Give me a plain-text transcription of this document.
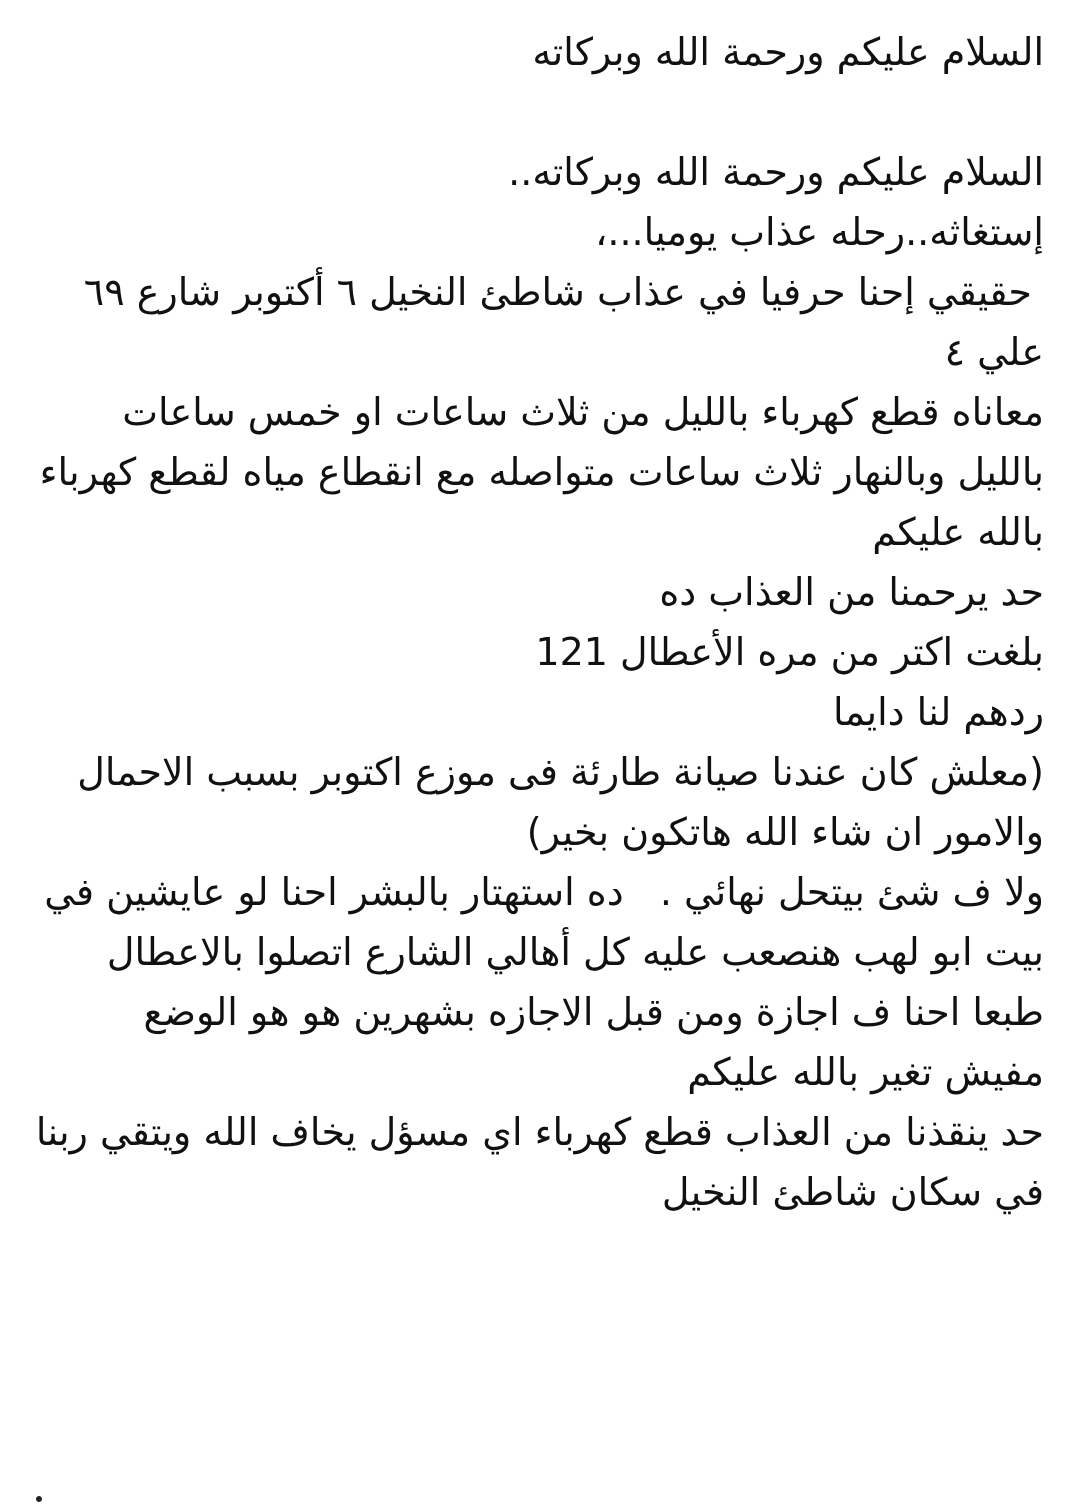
السلام عليكم ورحمة الله وبركاته
السلام عليكم ورحمة الله وبركاته..
إستغاثه..رحله عذاب يوميا...،
حقيقي إحنا حرفيا في عذاب شاطئ النخيل ٦ أكتوبر شارع ٦٩ علي ٤
معاناه قطع كهرباء بالليل من ثلاث ساعات او خمس ساعات بالليل وبالنهار ثلاث ساعات متواصله مع انقطاع مياه لقطع كهرباء بالله عليكم
حد يرحمنا من العذاب ده
بلغت اكتر من مره الأعطال 121
ردهم لنا دايما
(معلش كان عندنا صيانة طارئة فى موزع اكتوبر بسبب الاحمال والامور ان شاء الله هاتكون بخير)
ولا ف شئ بيتحل نهائي .   ده استهتار بالبشر احنا لو عايشين في بيت ابو لهب هنصعب عليه كل أهالي الشارع اتصلوا بالاعطال طبعا احنا ف اجازة ومن قبل الاجازه بشهرين هو هو الوضع مفيش تغير بالله عليكم
حد ينقذنا من العذاب قطع كهرباء اي مسؤل يخاف الله ويتقي ربنا في سكان شاطئ النخيل
